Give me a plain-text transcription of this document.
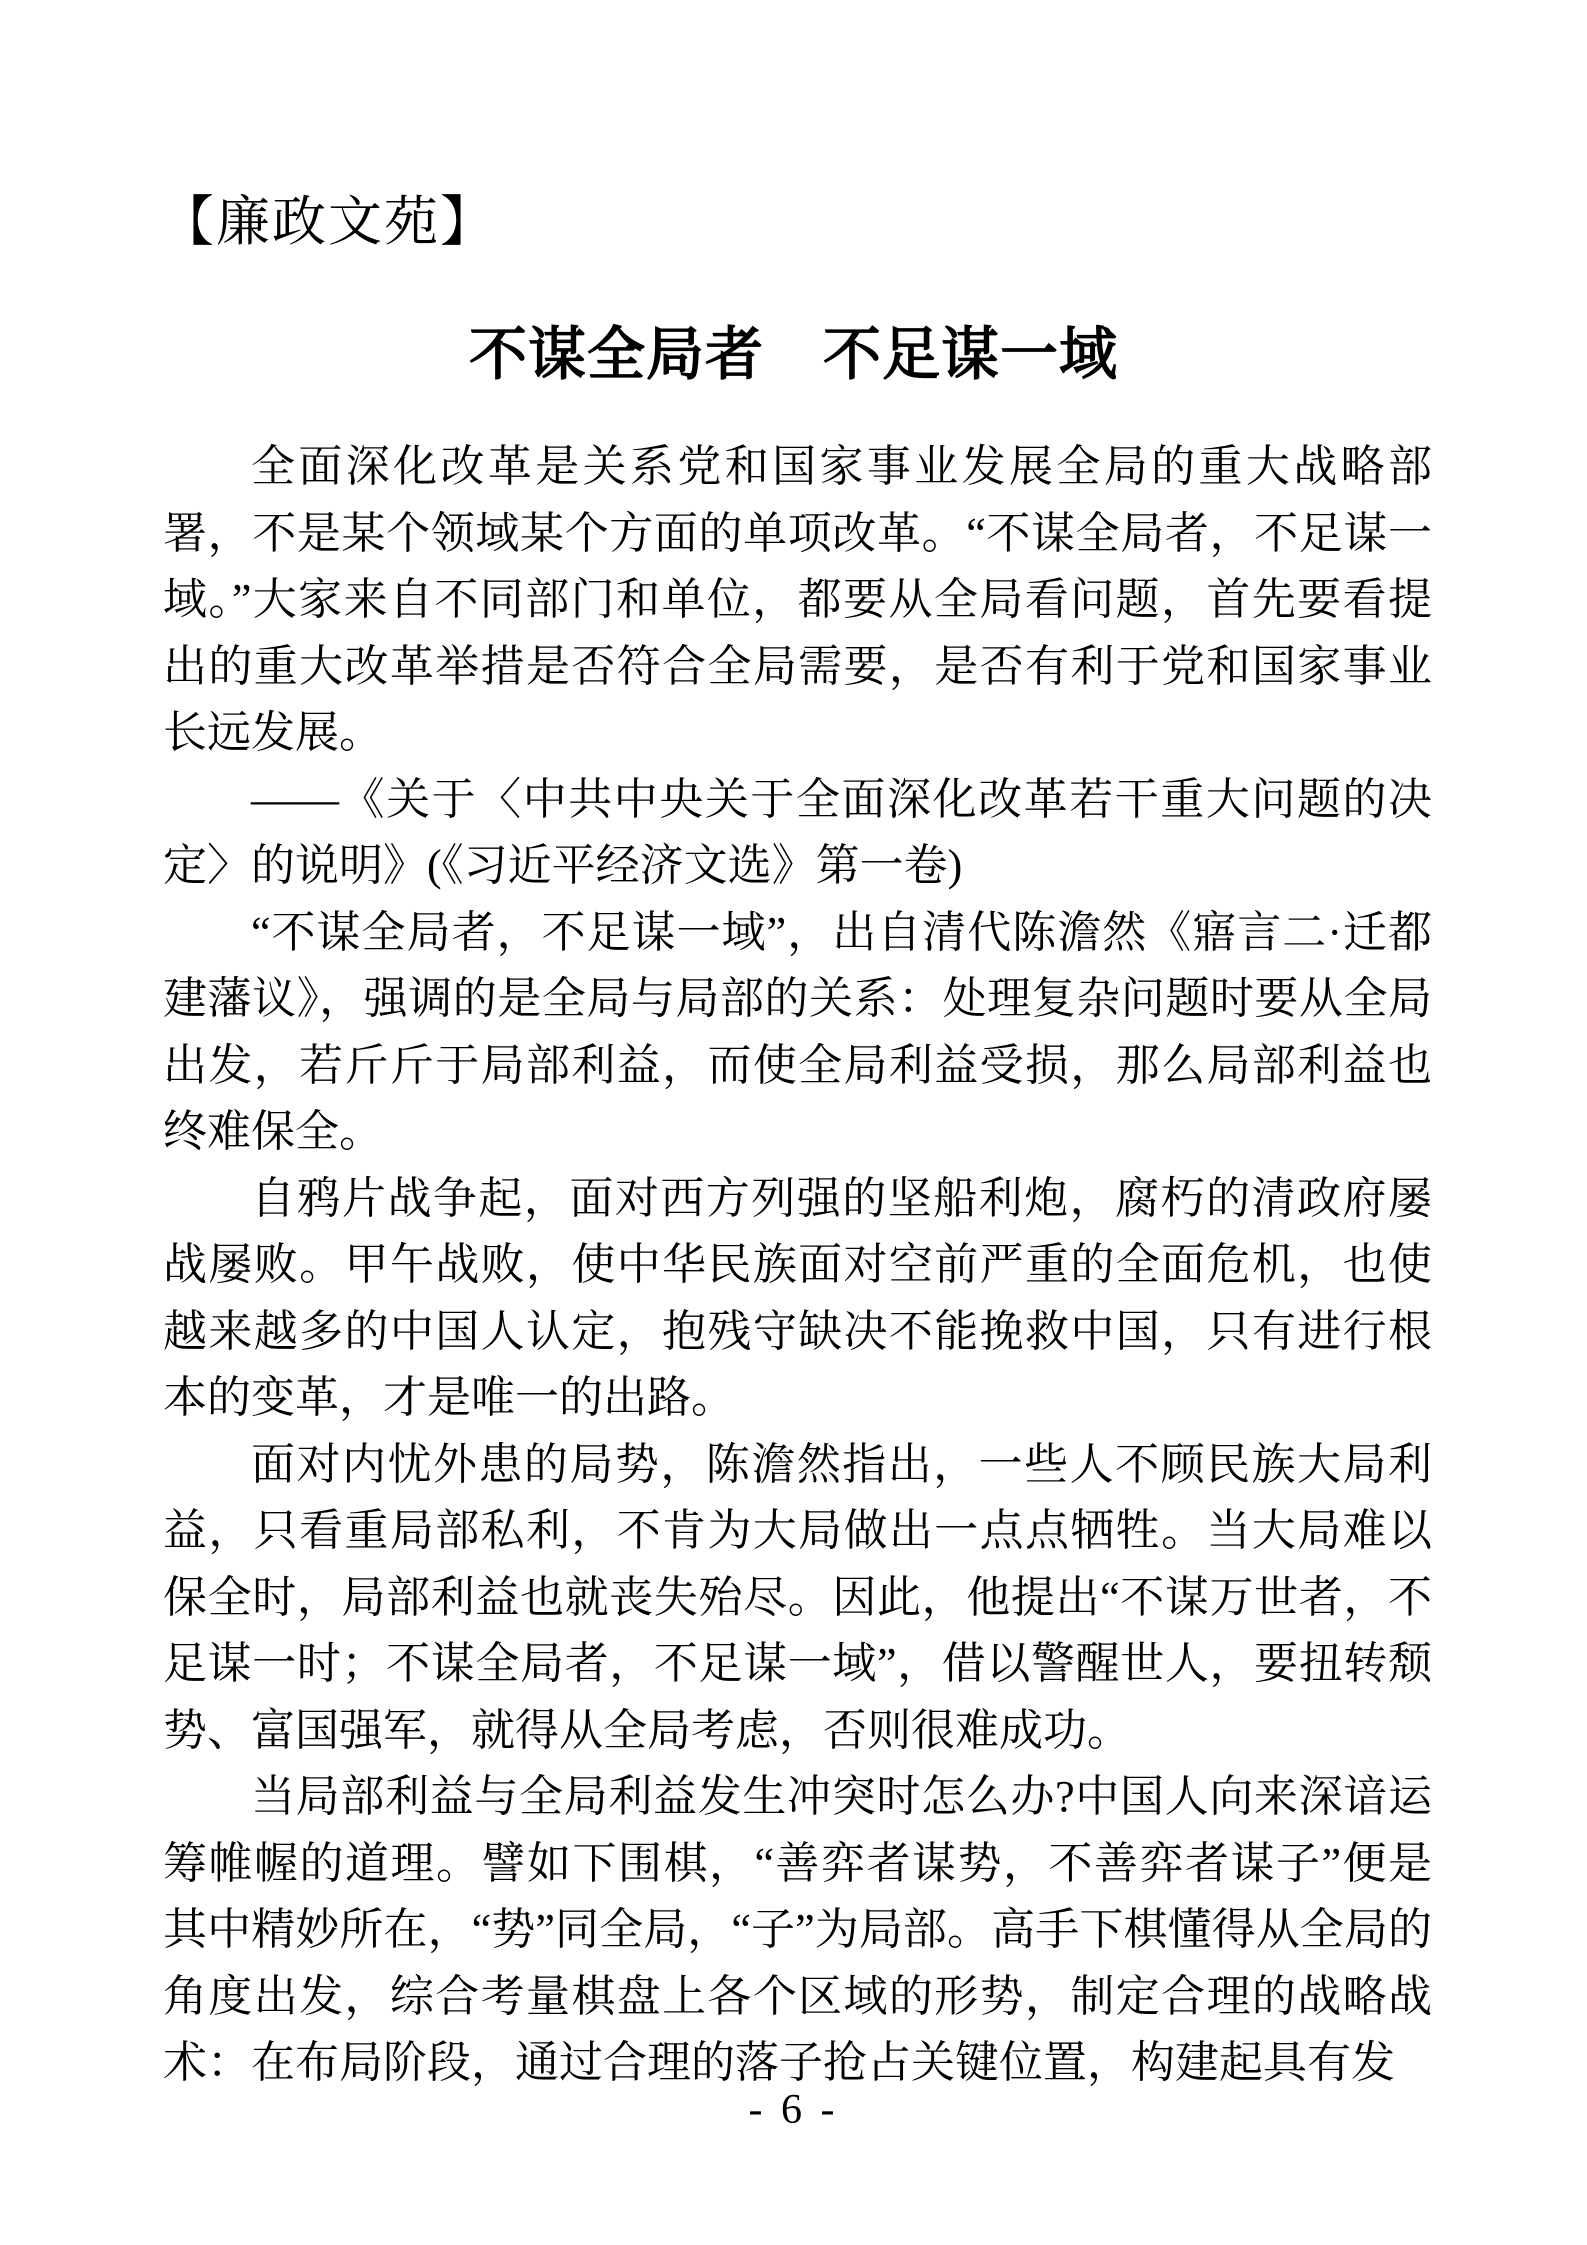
【廉政文苑】
不谋全局者　不足谋一域

全面深化改革是关系党和国家事业发展全局的重大战略部署，不是某个领域某个方面的单项改革。“不谋全局者，不足谋一域。”大家来自不同部门和单位，都要从全局看问题，首先要看提出的重大改革举措是否符合全局需要，是否有利于党和国家事业长远发展。

——《关于〈中共中央关于全面深化改革若干重大问题的决定〉的说明》(《习近平经济文选》第一卷)

“不谋全局者，不足谋一域”，出自清代陈澹然《寤言二·迁都建藩议》，强调的是全局与局部的关系：处理复杂问题时要从全局出发，若斤斤于局部利益，而使全局利益受损，那么局部利益也终难保全。

自鸦片战争起，面对西方列强的坚船利炮，腐朽的清政府屡战屡败。甲午战败，使中华民族面对空前严重的全面危机，也使越来越多的中国人认定，抱残守缺决不能挽救中国，只有进行根本的变革，才是唯一的出路。

面对内忧外患的局势，陈澹然指出，一些人不顾民族大局利益，只看重局部私利，不肯为大局做出一点点牺牲。当大局难以保全时，局部利益也就丧失殆尽。因此，他提出“不谋万世者，不足谋一时；不谋全局者，不足谋一域”，借以警醒世人，要扭转颓势、富国强军，就得从全局考虑，否则很难成功。

当局部利益与全局利益发生冲突时怎么办?中国人向来深谙运筹帷幄的道理。譬如下围棋，“善弈者谋势，不善弈者谋子”便是其中精妙所在，“势”同全局，“子”为局部。高手下棋懂得从全局的角度出发，综合考量棋盘上各个区域的形势，制定合理的战略战术：在布局阶段，通过合理的落子抢占关键位置，构建起具有发

- 6 -
